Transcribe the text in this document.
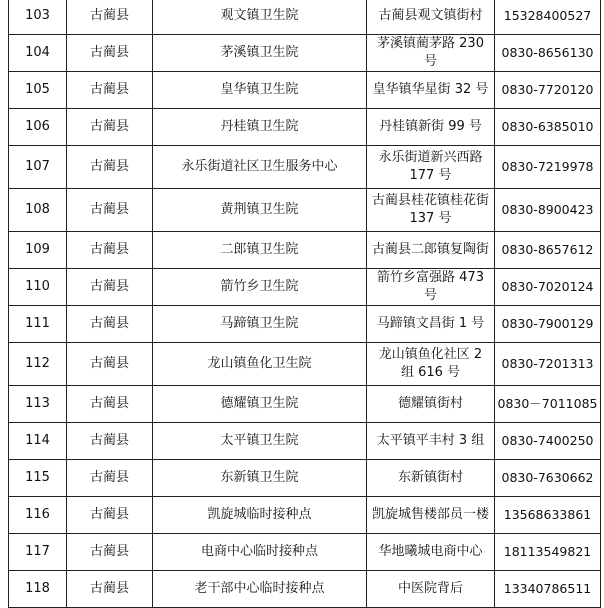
103	古蔺县	观文镇卫生院	古蔺县观文镇街村	15328400527
104	古蔺县	茅溪镇卫生院	茅溪镇蔺茅路 230 号	0830-8656130
105	古蔺县	皇华镇卫生院	皇华镇华星街 32 号	0830-7720120
106	古蔺县	丹桂镇卫生院	丹桂镇新街 99 号	0830-6385010
107	古蔺县	永乐街道社区卫生服务中心	永乐街道新兴西路 177 号	0830-7219978
108	古蔺县	黄荆镇卫生院	古蔺县桂花镇桂花街 137 号	0830-8900423
109	古蔺县	二郎镇卫生院	古蔺县二郎镇复陶街	0830-8657612
110	古蔺县	箭竹乡卫生院	箭竹乡富强路 473 号	0830-7020124
111	古蔺县	马蹄镇卫生院	马蹄镇文昌街 1 号	0830-7900129
112	古蔺县	龙山镇鱼化卫生院	龙山镇鱼化社区 2 组 616 号	0830-7201313
113	古蔺县	德耀镇卫生院	德耀镇街村	0830－7011085
114	古蔺县	太平镇卫生院	太平镇平丰村 3 组	0830-7400250
115	古蔺县	东新镇卫生院	东新镇街村	0830-7630662
116	古蔺县	凯旋城临时接种点	凯旋城售楼部员一楼	13568633861
117	古蔺县	电商中心临时接种点	华地曦城电商中心	18113549821
118	古蔺县	老干部中心临时接种点	中医院背后	13340786511
